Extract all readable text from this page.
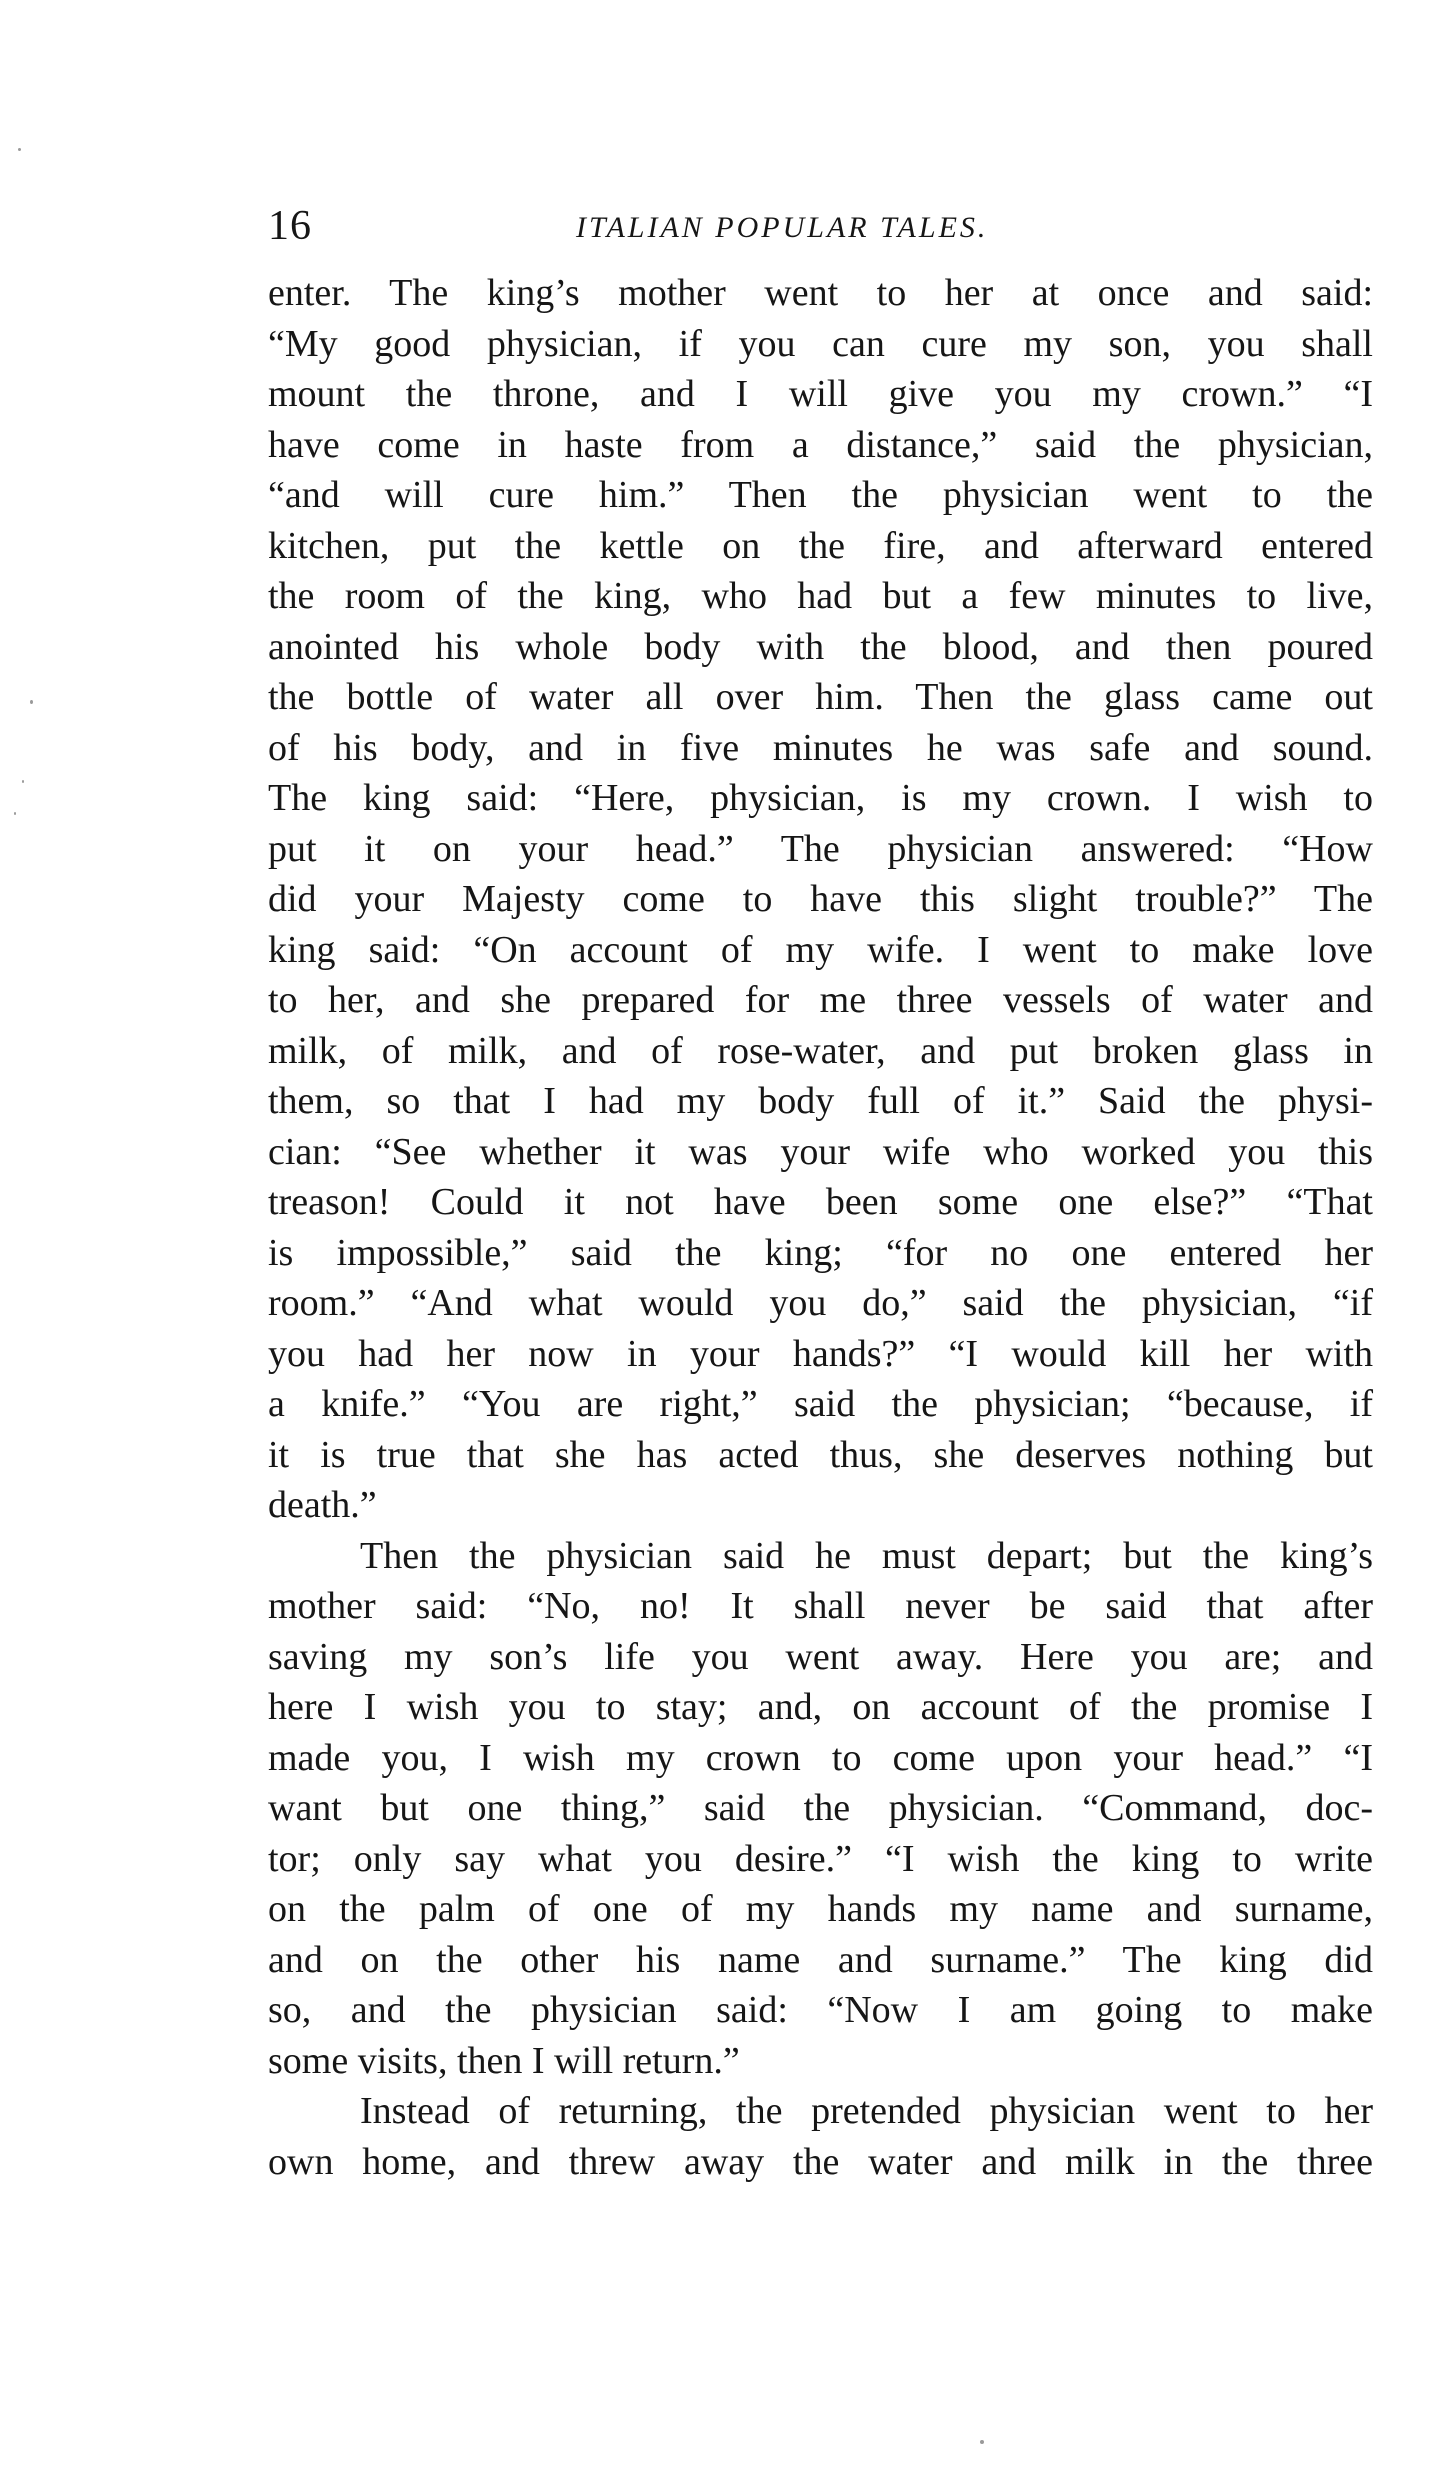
16	ITALIAN POPULAR TALES.
enter. The king’s mother went to her at once and said:
“My good physician, if you can cure my son, you shall
mount the throne, and I will give you my crown.” “I
have come in haste from a distance,” said the physician,
“and will cure him.” Then the physician went to the
kitchen, put the kettle on the fire, and afterward entered
the room of the king, who had but a few minutes to live,
anointed his whole body with the blood, and then poured
the bottle of water all over him. Then the glass came out
of his body, and in five minutes he was safe and sound.
The king said: “Here, physician, is my crown. I wish to
put it on your head.” The physician answered: “How
did your Majesty come to have this slight trouble?” The
king said: “On account of my wife. I went to make love
to her, and she prepared for me three vessels of water and
milk, of milk, and of rose-water, and put broken glass in
them, so that I had my body full of it.” Said the physi-
cian: “See whether it was your wife who worked you this
treason! Could it not have been some one else?” “That
is impossible,” said the king; “for no one entered her
room.” “And what would you do,” said the physician, “if
you had her now in your hands?” “I would kill her with
a knife.” “You are right,” said the physician; “because, if
it is true that she has acted thus, she deserves nothing but
death.”
Then the physician said he must depart; but the king’s
mother said: “No, no! It shall never be said that after
saving my son’s life you went away. Here you are; and
here I wish you to stay; and, on account of the promise I
made you, I wish my crown to come upon your head.” “I
want but one thing,” said the physician. “Command, doc-
tor; only say what you desire.” “I wish the king to write
on the palm of one of my hands my name and surname,
and on the other his name and surname.” The king did
so, and the physician said: “Now I am going to make
some visits, then I will return.”
Instead of returning, the pretended physician went to her
own home, and threw away the water and milk in the three
